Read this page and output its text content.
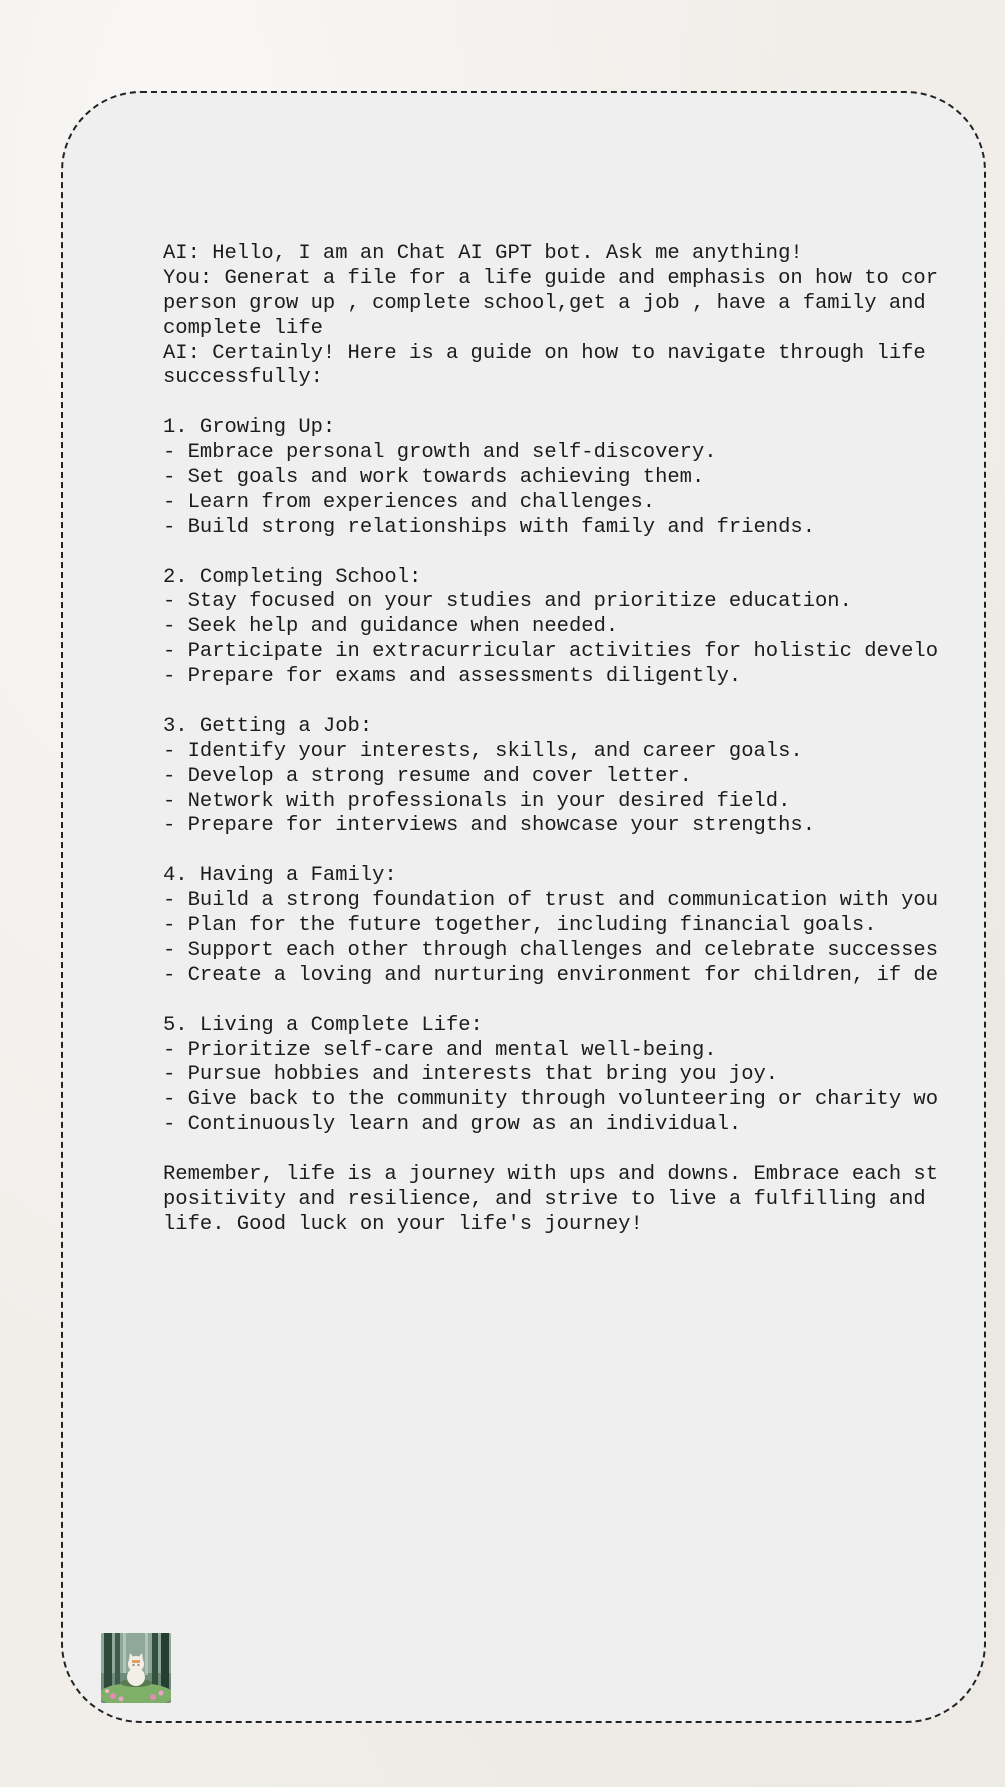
AI: Hello, I am an Chat AI GPT bot. Ask me anything!
You: Generat a file for a life guide and emphasis on how to cor
person grow up , complete school,get a job , have a family and
complete life
AI: Certainly! Here is a guide on how to navigate through life
successfully:
1. Growing Up:
- Embrace personal growth and self-discovery.
- Set goals and work towards achieving them.
- Learn from experiences and challenges.
- Build strong relationships with family and friends.
2. Completing School:
- Stay focused on your studies and prioritize education.
- Seek help and guidance when needed.
- Participate in extracurricular activities for holistic develo
- Prepare for exams and assessments diligently.
3. Getting a Job:
- Identify your interests, skills, and career goals.
- Develop a strong resume and cover letter.
- Network with professionals in your desired field.
- Prepare for interviews and showcase your strengths.
4. Having a Family:
- Build a strong foundation of trust and communication with you
- Plan for the future together, including financial goals.
- Support each other through challenges and celebrate successes
- Create a loving and nurturing environment for children, if de
5. Living a Complete Life:
- Prioritize self-care and mental well-being.
- Pursue hobbies and interests that bring you joy.
- Give back to the community through volunteering or charity wo
- Continuously learn and grow as an individual.
Remember, life is a journey with ups and downs. Embrace each st
positivity and resilience, and strive to live a fulfilling and
life. Good luck on your life's journey!
